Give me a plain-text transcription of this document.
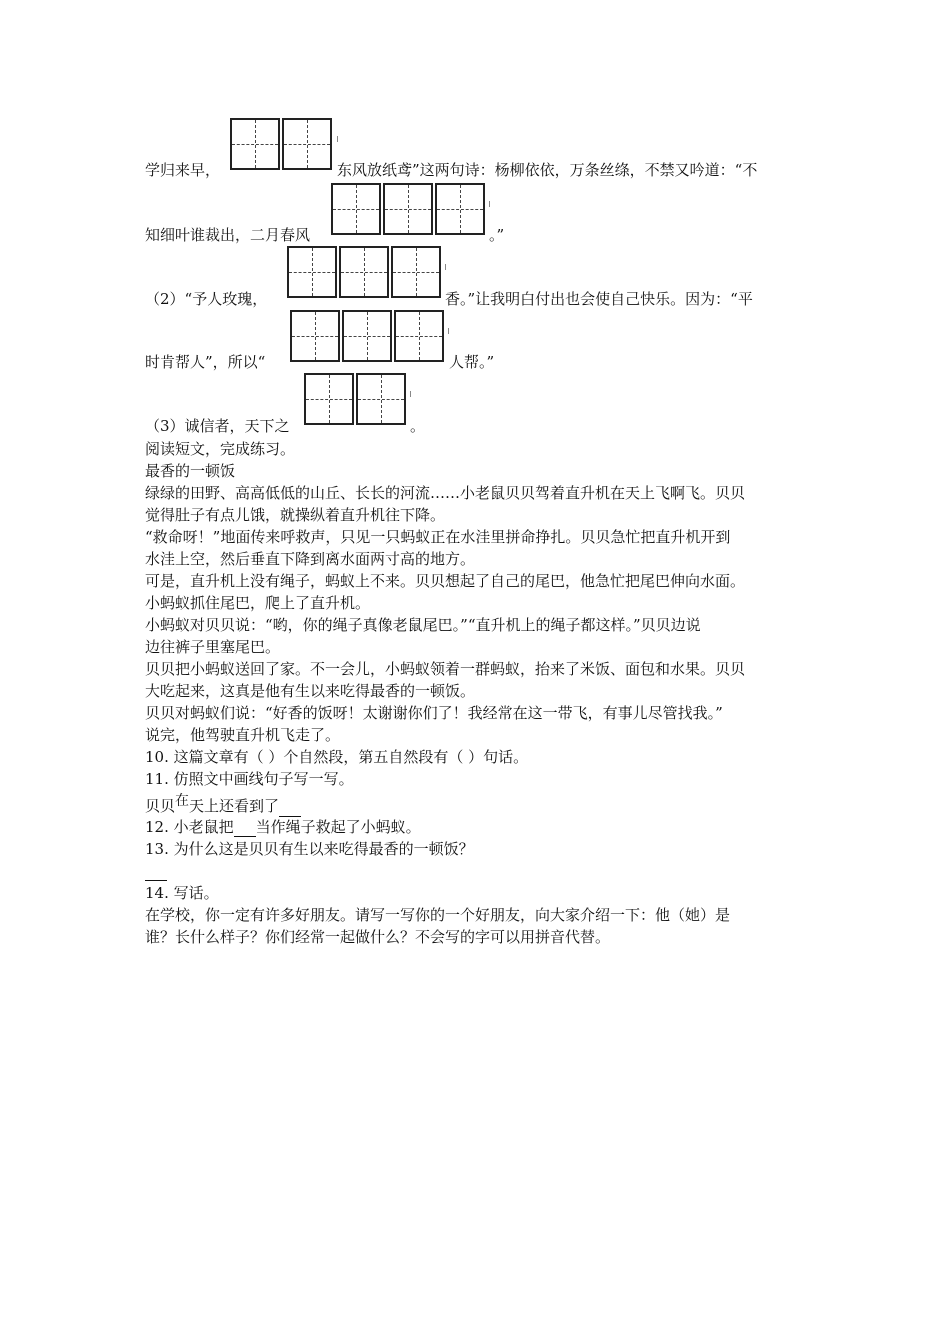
学归来早，	东风放纸鸢”这两句诗：杨柳依依，万条丝绦，不禁又吟道：“不
知细叶谁裁出，二月春风	。”
（2）“予人玫瑰，	香。”让我明白付出也会使自己快乐。因为：“平
时肯帮人”，所以“	人帮。”
（3）诚信者，天下之	。
阅读短文，完成练习。
最香的一顿饭
绿绿的田野、高高低低的山丘、长长的河流……小老鼠贝贝驾着直升机在天上飞啊飞。贝贝
觉得肚子有点儿饿，就操纵着直升机往下降。
“救命呀！”地面传来呼救声，只见一只蚂蚁正在水洼里拼命挣扎。贝贝急忙把直升机开到
水洼上空，然后垂直下降到离水面两寸高的地方。
可是，直升机上没有绳子，蚂蚁上不来。贝贝想起了自己的尾巴，他急忙把尾巴伸向水面。
小蚂蚁抓住尾巴，爬上了直升机。
小蚂蚁对贝贝说：“哟，你的绳子真像老鼠尾巴。”“直升机上的绳子都这样。”贝贝边说
边往裤子里塞尾巴。
贝贝把小蚂蚁送回了家。不一会儿，小蚂蚁领着一群蚂蚁，抬来了米饭、面包和水果。贝贝
大吃起来，这真是他有生以来吃得最香的一顿饭。
贝贝对蚂蚁们说：“好香的饭呀！太谢谢你们了！我经常在这一带飞，有事儿尽管找我。”
说完，他驾驶直升机飞走了。
10. 这篇文章有（ ）个自然段，第五自然段有（ ）句话。
11. 仿照文中画线句子写一写。
贝贝在天上还看到了
12. 小老鼠把 当作绳子救起了小蚂蚁。
13. 为什么这是贝贝有生以来吃得最香的一顿饭？
14. 写话。
在学校，你一定有许多好朋友。请写一写你的一个好朋友，向大家介绍一下：他（她）是
谁？长什么样子？你们经常一起做什么？不会写的字可以用拼音代替。
